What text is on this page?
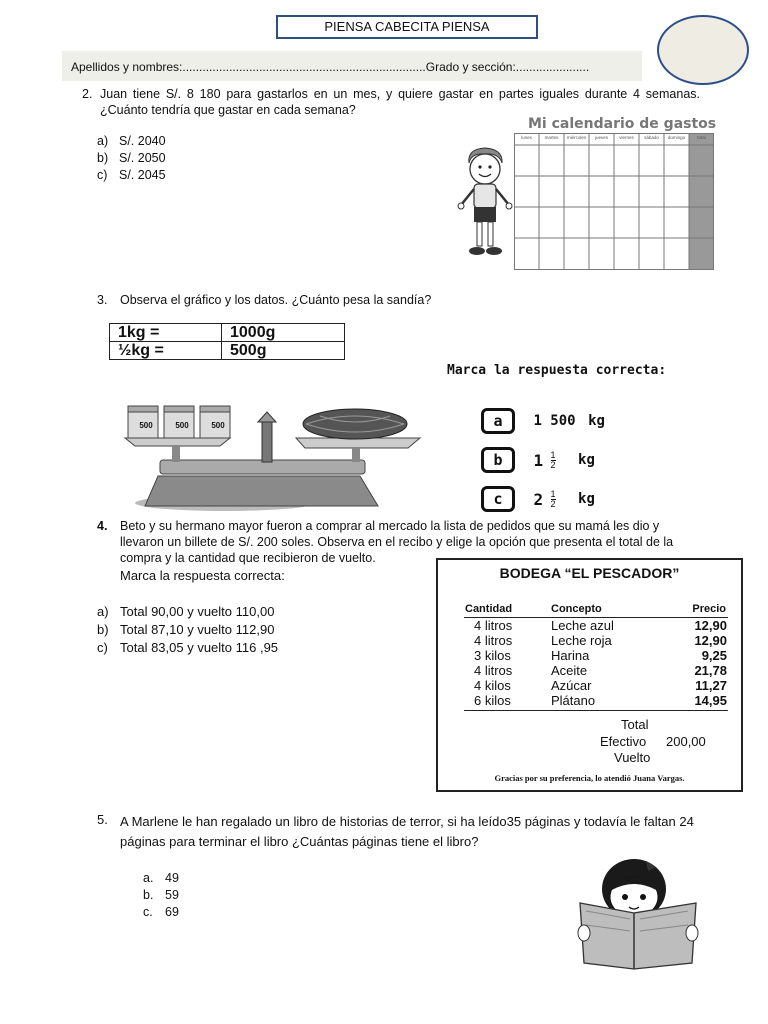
PIENSA CABECITA PIENSA
Apellidos y nombres:.........................................................................Grado y sección:......................
2. Juan tiene S/. 8 180 para gastarlos en un mes, y quiere gastar en partes iguales durante 4 semanas. ¿Cuánto tendría que gastar en cada semana?
a) S/. 2040
b) S/. 2050
c) S/. 2045
Mi calendario de gastos
lunes	martes	miércoles	jueves	viernes	sábado	domingo	total
3. Observa el gráfico y los datos. ¿Cuánto pesa la sandía?
1kg =	1000g
½kg =	500g
500	500	500
Marca la respuesta correcta:
a 1 500 kg
b $1 \frac{1}{2}$ kg
c $2 \frac{1}{2}$ kg
4. Beto y su hermano mayor fueron a comprar al mercado la lista de pedidos que su mamá les dio y llevaron un billete de S/. 200 soles. Observa en el recibo y elige la opción que presenta el total de la compra y la cantidad que recibieron de vuelto.
Marca la respuesta correcta:
a) Total 90,00 y vuelto 110,00
b) Total 87,10 y vuelto 112,90
c) Total 83,05 y vuelto 116 ,95
BODEGA “EL PESCADOR”
Cantidad	Concepto	Precio
4 litros	Leche azul	12,90
4 litros	Leche roja	12,90
3 kilos	Harina	9,25
4 litros	Aceite	21,78
4 kilos	Azúcar	11,27
6 kilos	Plátano	14,95
Total
Efectivo 200,00
Vuelto
Gracias por su preferencia, lo atendió Juana Vargas.
5. A Marlene le han regalado un libro de historias de terror, si ha leído35 páginas y todavía le faltan 24 páginas para terminar el libro ¿Cuántas páginas tiene el libro?
a. 49
b. 59
c. 69
